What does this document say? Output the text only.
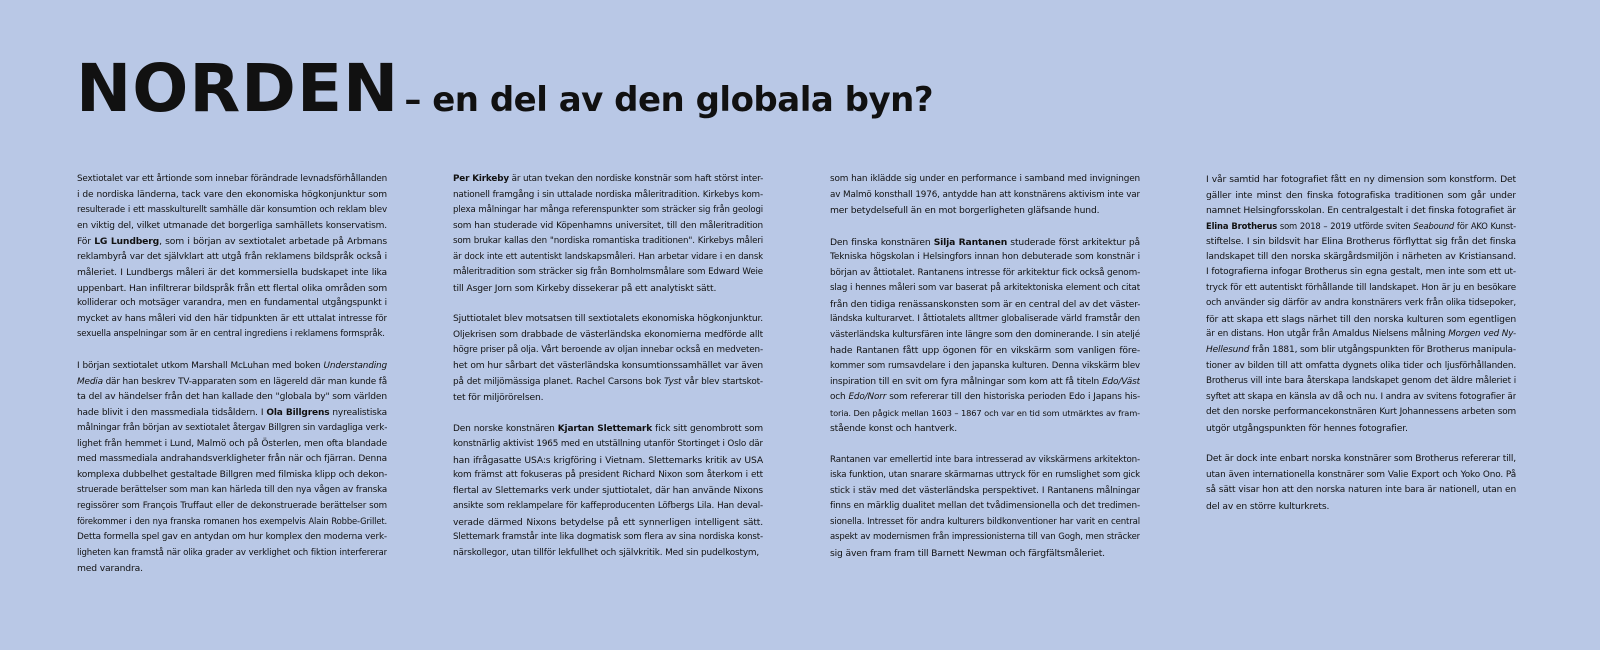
NORDEN – en del av den globala byn?
Sextiotalet var ett årtionde som innebar förändrade levnadsförhållanden
i de nordiska länderna, tack vare den ekonomiska högkonjunktur som
resulterade i ett masskulturellt samhälle där konsumtion och reklam blev
en viktig del, vilket utmanade det borgerliga samhällets konservatism.
För LG Lundberg, som i början av sextiotalet arbetade på Arbmans
reklambyrå var det självklart att utgå från reklamens bildspråk också i
måleriet. I Lundbergs måleri är det kommersiella budskapet inte lika
uppenbart. Han infiltrerar bildspråk från ett flertal olika områden som
kolliderar och motsäger varandra, men en fundamental utgångspunkt i
mycket av hans måleri vid den här tidpunkten är ett uttalat intresse för
sexuella anspelningar som är en central ingrediens i reklamens formspråk.
I början sextiotalet utkom Marshall McLuhan med boken Understanding
Media där han beskrev TV-apparaten som en lägereld där man kunde få
ta del av händelser från det han kallade den "globala by" som världen
hade blivit i den massmediala tidsåldern. I Ola Billgrens nyrealistiska
målningar från början av sextiotalet återgav Billgren sin vardagliga verk-
lighet från hemmet i Lund, Malmö och på Österlen, men ofta blandade
med massmediala andrahandsverkligheter från när och fjärran. Denna
komplexa dubbelhet gestaltade Billgren med filmiska klipp och dekon-
struerade berättelser som man kan härleda till den nya vågen av franska
regissörer som François Truffaut eller de dekonstruerade berättelser som
förekommer i den nya franska romanen hos exempelvis Alain Robbe-Grillet.
Detta formella spel gav en antydan om hur komplex den moderna verk-
ligheten kan framstå när olika grader av verklighet och fiktion interfererar
med varandra.
Per Kirkeby är utan tvekan den nordiske konstnär som haft störst inter-
nationell framgång i sin uttalade nordiska måleritradition. Kirkebys kom-
plexa målningar har många referenspunkter som sträcker sig från geologi
som han studerade vid Köpenhamns universitet, till den måleritradition
som brukar kallas den "nordiska romantiska traditionen". Kirkebys måleri
är dock inte ett autentiskt landskapsmåleri. Han arbetar vidare i en dansk
måleritradition som sträcker sig från Bornholmsmålare som Edward Weie
till Asger Jorn som Kirkeby dissekerar på ett analytiskt sätt.
Sjuttiotalet blev motsatsen till sextiotalets ekonomiska högkonjunktur.
Oljekrisen som drabbade de västerländska ekonomierna medförde allt
högre priser på olja. Vårt beroende av oljan innebar också en medveten-
het om hur sårbart det västerländska konsumtionssamhället var även
på det miljömässiga planet. Rachel Carsons bok Tyst vår blev startskot-
tet för miljörörelsen.
Den norske konstnären Kjartan Slettemark fick sitt genombrott som
konstnärlig aktivist 1965 med en utställning utanför Stortinget i Oslo där
han ifrågasatte USA:s krigföring i Vietnam. Slettemarks kritik av USA
kom främst att fokuseras på president Richard Nixon som återkom i ett
flertal av Slettemarks verk under sjuttiotalet, där han använde Nixons
ansikte som reklampelare för kaffeproducenten Löfbergs Lila. Han deval-
verade därmed Nixons betydelse på ett synnerligen intelligent sätt.
Slettemark framstår inte lika dogmatisk som flera av sina nordiska konst-
närskollegor, utan tillför lekfullhet och självkritik. Med sin pudelkostym,
som han iklädde sig under en performance i samband med invigningen
av Malmö konsthall 1976, antydde han att konstnärens aktivism inte var
mer betydelsefull än en mot borgerligheten gläfsande hund.
Den finska konstnären Silja Rantanen studerade först arkitektur på
Tekniska högskolan i Helsingfors innan hon debuterade som konstnär i
början av åttiotalet. Rantanens intresse för arkitektur fick också genom-
slag i hennes måleri som var baserat på arkitektoniska element och citat
från den tidiga renässanskonsten som är en central del av det väster-
ländska kulturarvet. I åttiotalets alltmer globaliserade värld framstår den
västerländska kultursfären inte längre som den dominerande. I sin ateljé
hade Rantanen fått upp ögonen för en vikskärm som vanligen före-
kommer som rumsavdelare i den japanska kulturen. Denna vikskärm blev
inspiration till en svit om fyra målningar som kom att få titeln Edo/Väst
och Edo/Norr som refererar till den historiska perioden Edo i Japans his-
toria. Den pågick mellan 1603 – 1867 och var en tid som utmärktes av fram-
stående konst och hantverk.
Rantanen var emellertid inte bara intresserad av vikskärmens arkitekton-
iska funktion, utan snarare skärmarnas uttryck för en rumslighet som gick
stick i stäv med det västerländska perspektivet. I Rantanens målningar
finns en märklig dualitet mellan det tvådimensionella och det tredimen-
sionella. Intresset för andra kulturers bildkonventioner har varit en central
aspekt av modernismen från impressionisterna till van Gogh, men sträcker
sig även fram fram till Barnett Newman och färgfältsmåleriet.
I vår samtid har fotografiet fått en ny dimension som konstform. Det
gäller inte minst den finska fotografiska traditionen som går under
namnet Helsingforsskolan. En centralgestalt i det finska fotografiet är
Elina Brotherus som 2018 – 2019 utförde sviten Seabound för AKO Kunst-
stiftelse. I sin bildsvit har Elina Brotherus förflyttat sig från det finska
landskapet till den norska skärgårdsmiljön i närheten av Kristiansand.
I fotografierna infogar Brotherus sin egna gestalt, men inte som ett ut-
tryck för ett autentiskt förhållande till landskapet. Hon är ju en besökare
och använder sig därför av andra konstnärers verk från olika tidsepoker,
för att skapa ett slags närhet till den norska kulturen som egentligen
är en distans. Hon utgår från Amaldus Nielsens målning Morgen ved Ny-
Hellesund från 1881, som blir utgångspunkten för Brotherus manipula-
tioner av bilden till att omfatta dygnets olika tider och ljusförhållanden.
Brotherus vill inte bara återskapa landskapet genom det äldre måleriet i
syftet att skapa en känsla av då och nu. I andra av svitens fotografier är
det den norske performancekonstnären Kurt Johannessens arbeten som
utgör utgångspunkten för hennes fotografier.
Det är dock inte enbart norska konstnärer som Brotherus refererar till,
utan även internationella konstnärer som Valie Export och Yoko Ono. På
så sätt visar hon att den norska naturen inte bara är nationell, utan en
del av en större kulturkrets.
